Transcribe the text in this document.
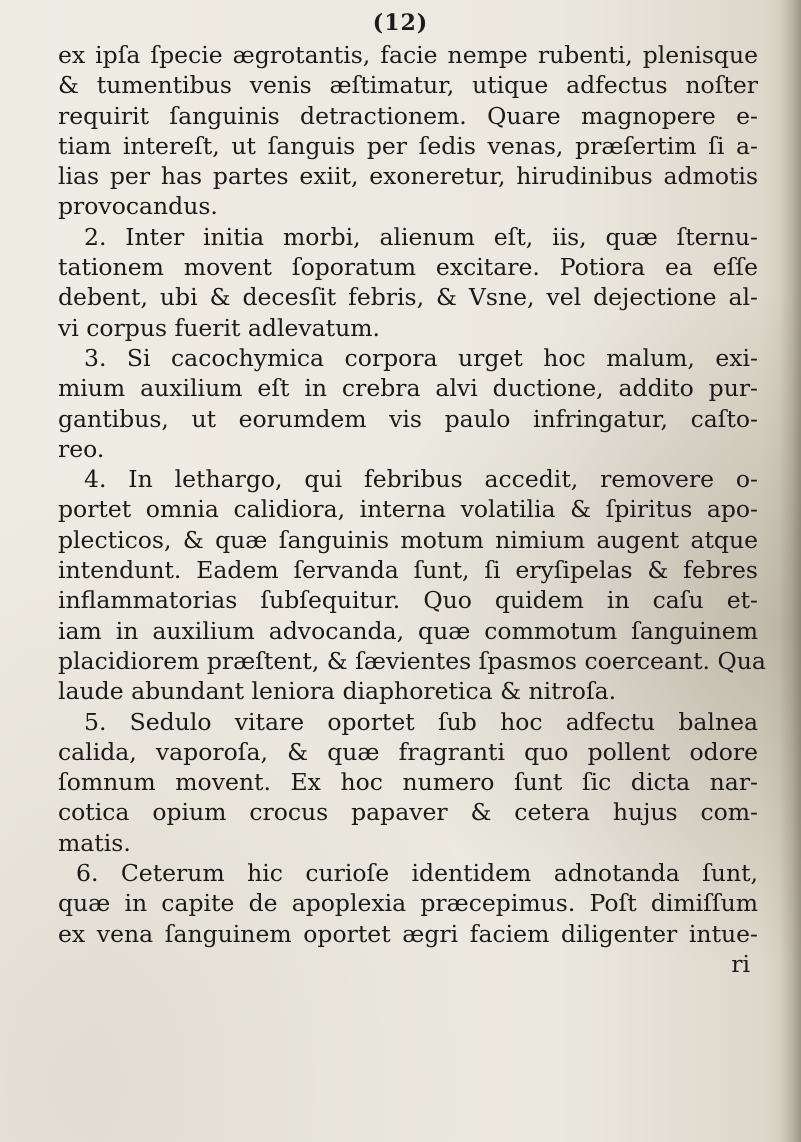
(12)
ex ipſa ſpecie ægrotantis, facie nempe rubenti, plenisque
& tumentibus venis æſtimatur, utique adfectus noſter
requirit ſanguinis detractionem. Quare magnopere e-
tiam intereſt, ut ſanguis per ſedis venas, præſertim ſi a-
lias per has partes exiit, exoneretur, hirudinibus admotis
provocandus.
2. Inter initia morbi, alienum eſt, iis, quæ ſternu-
tationem movent ſoporatum excitare. Potiora ea eſſe
debent, ubi & decesſit febris, & Vsne, vel dejectione al-
vi corpus fuerit adlevatum.
3. Si cacochymica corpora urget hoc malum, exi-
mium auxilium eſt in crebra alvi ductione, addito pur-
gantibus, ut eorumdem vis paulo infringatur, caſto-
reo.
4. In lethargo, qui febribus accedit, removere o-
portet omnia calidiora, interna volatilia & ſpiritus apo-
plecticos, & quæ ſanguinis motum nimium augent atque
intendunt. Eadem ſervanda ſunt, ſi eryſipelas & febres
inflammatorias ſubſequitur. Quo quidem in caſu et-
iam in auxilium advocanda, quæ commotum ſanguinem
placidiorem præſtent, & ſævientes ſpasmos coerceant. Qua
laude abundant leniora diaphoretica & nitroſa.
5. Sedulo vitare oportet ſub hoc adfectu balnea
calida, vaporoſa, & quæ fragranti quo pollent odore
ſomnum movent. Ex hoc numero ſunt ſic dicta nar-
cotica opium crocus papaver & cetera hujus com-
matis.
6. Ceterum hic curioſe identidem adnotanda ſunt,
quæ in capite de apoplexia præcepimus. Poſt dimiſſum
ex vena ſanguinem oportet ægri faciem diligenter intue-
ri
